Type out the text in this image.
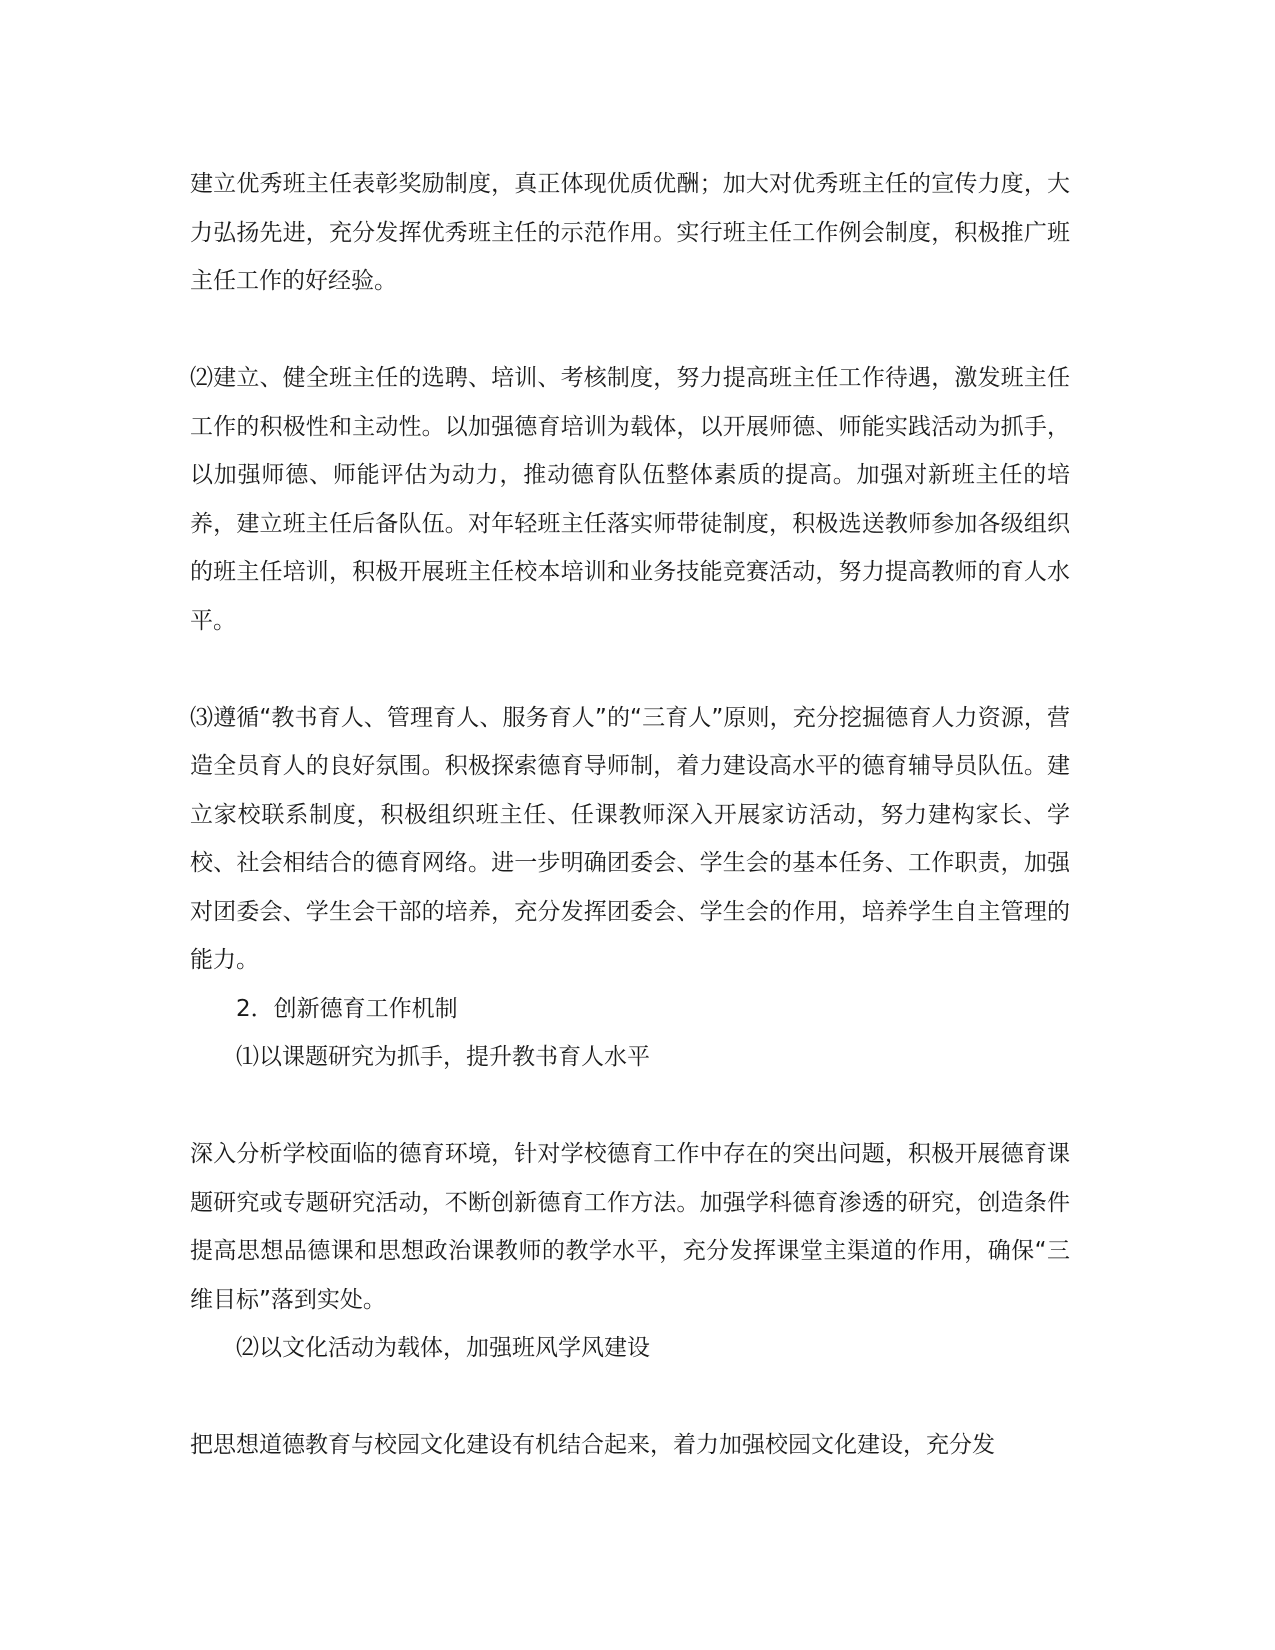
建立优秀班主任表彰奖励制度，真正体现优质优酬；加大对优秀班主任的宣传力度，大力弘扬先进，充分发挥优秀班主任的示范作用。实行班主任工作例会制度，积极推广班主任工作的好经验。

⑵建立、健全班主任的选聘、培训、考核制度，努力提高班主任工作待遇，激发班主任工作的积极性和主动性。以加强德育培训为载体，以开展师德、师能实践活动为抓手，以加强师德、师能评估为动力，推动德育队伍整体素质的提高。加强对新班主任的培养，建立班主任后备队伍。对年轻班主任落实师带徒制度，积极选送教师参加各级组织的班主任培训，积极开展班主任校本培训和业务技能竞赛活动，努力提高教师的育人水平。

⑶遵循“教书育人、管理育人、服务育人”的“三育人”原则，充分挖掘德育人力资源，营造全员育人的良好氛围。积极探索德育导师制，着力建设高水平的德育辅导员队伍。建立家校联系制度，积极组织班主任、任课教师深入开展家访活动，努力建构家长、学校、社会相结合的德育网络。进一步明确团委会、学生会的基本任务、工作职责，加强对团委会、学生会干部的培养，充分发挥团委会、学生会的作用，培养学生自主管理的能力。

2．创新德育工作机制

⑴以课题研究为抓手，提升教书育人水平

深入分析学校面临的德育环境，针对学校德育工作中存在的突出问题，积极开展德育课题研究或专题研究活动，不断创新德育工作方法。加强学科德育渗透的研究，创造条件提高思想品德课和思想政治课教师的教学水平，充分发挥课堂主渠道的作用，确保“三维目标”落到实处。

⑵以文化活动为载体，加强班风学风建设

把思想道德教育与校园文化建设有机结合起来，着力加强校园文化建设，充分发
